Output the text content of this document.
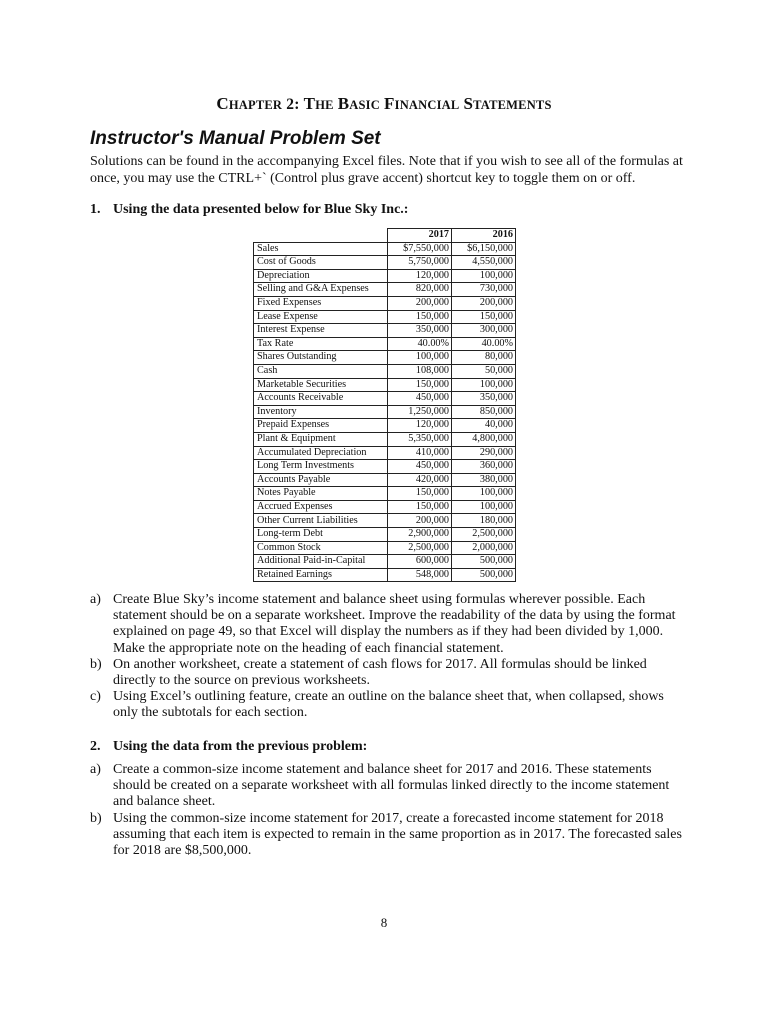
CHAPTER 2: THE BASIC FINANCIAL STATEMENTS
Instructor's Manual Problem Set
Solutions can be found in the accompanying Excel files. Note that if you wish to see all of the formulas at once, you may use the CTRL+` (Control plus grave accent) shortcut key to toggle them on or off.
1. Using the data presented below for Blue Sky Inc.:
	2017	2016
Sales	$7,550,000	$6,150,000
Cost of Goods	5,750,000	4,550,000
Depreciation	120,000	100,000
Selling and G&A Expenses	820,000	730,000
Fixed Expenses	200,000	200,000
Lease Expense	150,000	150,000
Interest Expense	350,000	300,000
Tax Rate	40.00%	40.00%
Shares Outstanding	100,000	80,000
Cash	108,000	50,000
Marketable Securities	150,000	100,000
Accounts Receivable	450,000	350,000
Inventory	1,250,000	850,000
Prepaid Expenses	120,000	40,000
Plant & Equipment	5,350,000	4,800,000
Accumulated Depreciation	410,000	290,000
Long Term Investments	450,000	360,000
Accounts Payable	420,000	380,000
Notes Payable	150,000	100,000
Accrued Expenses	150,000	100,000
Other Current Liabilities	200,000	180,000
Long-term Debt	2,900,000	2,500,000
Common Stock	2,500,000	2,000,000
Additional Paid-in-Capital	600,000	500,000
Retained Earnings	548,000	500,000
a) Create Blue Sky’s income statement and balance sheet using formulas wherever possible. Each statement should be on a separate worksheet. Improve the readability of the data by using the format explained on page 49, so that Excel will display the numbers as if they had been divided by 1,000. Make the appropriate note on the heading of each financial statement.
b) On another worksheet, create a statement of cash flows for 2017. All formulas should be linked directly to the source on previous worksheets.
c) Using Excel’s outlining feature, create an outline on the balance sheet that, when collapsed, shows only the subtotals for each section.
2. Using the data from the previous problem:
a) Create a common-size income statement and balance sheet for 2017 and 2016. These statements should be created on a separate worksheet with all formulas linked directly to the income statement and balance sheet.
b) Using the common-size income statement for 2017, create a forecasted income statement for 2018 assuming that each item is expected to remain in the same proportion as in 2017. The forecasted sales for 2018 are $8,500,000.
8
